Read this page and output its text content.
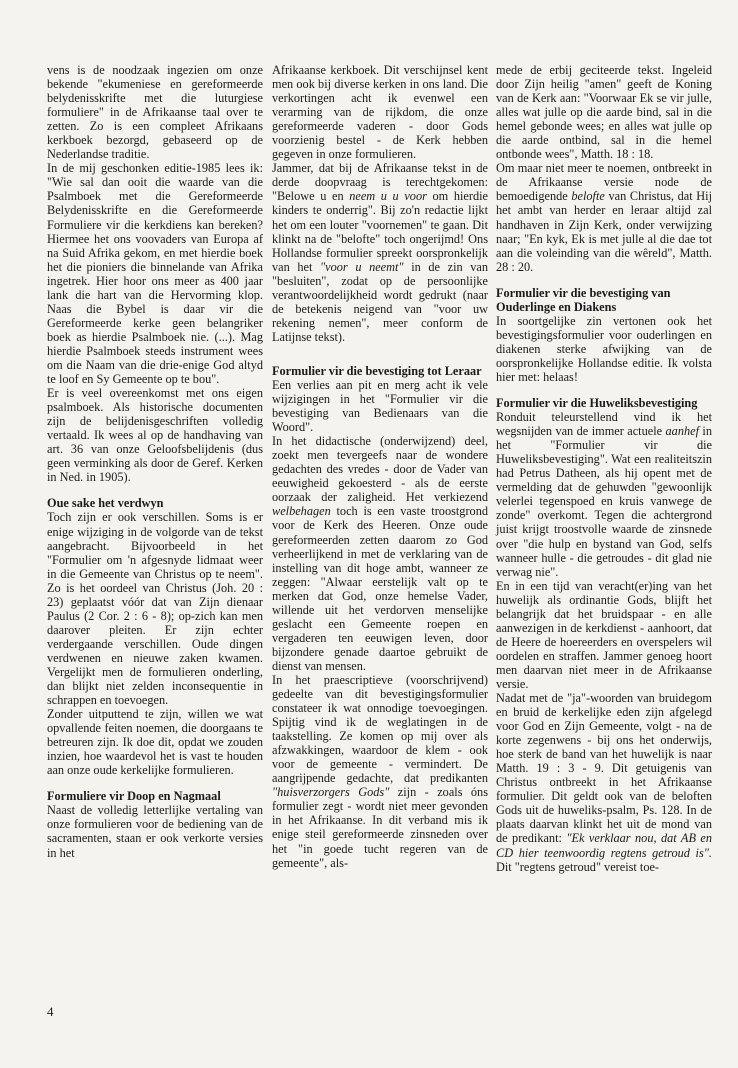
vens is de noodzaak ingezien om onze bekende "ekumeniese en gereformeerde belydenisskrifte met die luturgiese formuliere" in de Afrikaanse taal over te zetten. Zo is een compleet Afrikaans kerkboek bezorgd, gebaseerd op de Nederlandse traditie.

In de mij geschonken editie-1985 lees ik: "Wie sal dan ooit die waarde van die Psalmboek met die Gereformeerde Belydenisskrifte en die Gereformeerde Formuliere vir die kerkdiens kan bereken? Hiermee het ons voovaders van Europa af na Suid Afrika gekom, en met hierdie boek het die pioniers die binnelande van Afrika ingetrek. Hier hoor ons meer as 400 jaar lank die hart van die Hervorming klop. Naas die Bybel is daar vir die Gereformeerde kerke geen belangriker boek as hierdie Psalmboek nie. (...). Mag hierdie Psalmboek steeds instrument wees om die Naam van die drie-enige God altyd te loof en Sy Gemeente op te bou".

Er is veel overeenkomst met ons eigen psalmboek. Als historische documenten zijn de belijdenisgeschriften volledig vertaald. Ik wees al op de handhaving van art. 36 van onze Geloofsbelijdenis (dus geen verminking als door de Geref. Kerken in Ned. in 1905).

Oue sake het verdwyn

Toch zijn er ook verschillen. Soms is er enige wijziging in de volgorde van de tekst aangebracht. Bijvoorbeeld in het "Formulier om 'n afgesnyde lidmaat weer in die Gemeente van Christus op te neem". Zo is het oordeel van Christus (Joh. 20 : 23) geplaatst vóór dat van Zijn dienaar Paulus (2 Cor. 2 : 6 - 8); op-zich kan men daarover pleiten. Er zijn echter verdergaande verschillen. Oude dingen verdwenen en nieuwe zaken kwamen. Vergelijkt men de formulieren onderling, dan blijkt niet zelden inconsequentie in schrappen en toevoegen.

Zonder uitputtend te zijn, willen we wat opvallende feiten noemen, die doorgaans te betreuren zijn. Ik doe dit, opdat we zouden inzien, hoe waardevol het is vast te houden aan onze oude kerkelijke formulieren.

Formuliere vir Doop en Nagmaal

Naast de volledig letterlijke vertaling van onze formulieren voor de bediening van de sacramenten, staan er ook verkorte versies in het

Afrikaanse kerkboek. Dit verschijnsel kent men ook bij diverse kerken in ons land. Die verkortingen acht ik evenwel een verarming van de rijkdom, die onze gereformeerde vaderen - door Gods voorzienig bestel - de Kerk hebben gegeven in onze formulieren.

Jammer, dat bij de Afrikaanse tekst in de derde doopvraag is terechtgekomen: "Belowe u en neem u u voor om hierdie kinders te onderrig". Bij zo'n redactie lijkt het om een louter "voornemen" te gaan. Dit klinkt na de "belofte" toch ongerijmd! Ons Hollandse formulier spreekt oorspronkelijk van het "voor u neemt" in de zin van "besluiten", zodat op de persoonlijke verantwoordelijkheid wordt gedrukt (naar de betekenis neigend van "voor uw rekening nemen", meer conform de Latijnse tekst).

Formulier vir die bevestiging tot Leraar

Een verlies aan pit en merg acht ik vele wijzigingen in het "Formulier vir die bevestiging van Bedienaars van die Woord".

In het didactische (onderwijzend) deel, zoekt men tevergeefs naar de wondere gedachten des vredes - door de Vader van eeuwigheid gekoesterd - als de eerste oorzaak der zaligheid. Het verkiezend welbehagen toch is een vaste troostgrond voor de Kerk des Heeren. Onze oude gereformeerden zetten daarom zo God verheerlijkend in met de verklaring van de instelling van dit hoge ambt, wanneer ze zeggen: "Alwaar eerstelijk valt op te merken dat God, onze hemelse Vader, willende uit het verdorven menselijke geslacht een Gemeente roepen en vergaderen ten eeuwigen leven, door bijzondere genade daartoe gebruikt de dienst van mensen.

In het praescriptieve (voorschrijvend) gedeelte van dit bevestigingsformulier constateer ik wat onnodige toevoegingen. Spijtig vind ik de weglatingen in de taakstelling. Ze komen op mij over als afzwakkingen, waardoor de klem - ook voor de gemeente - vermindert. De aangrijpende gedachte, dat predikanten "huisverzorgers Gods" zijn - zoals óns formulier zegt - wordt niet meer gevonden in het Afrikaanse. In dit verband mis ik enige steil gereformeerde zinsneden over het "in goede tucht regeren van de gemeente", als-

mede de erbij geciteerde tekst. Ingeleid door Zijn heilig "amen" geeft de Koning van de Kerk aan: "Voorwaar Ek se vir julle, alles wat julle op die aarde bind, sal in die hemel gebonde wees; en alles wat julle op die aarde ontbind, sal in die hemel ontbonde wees", Matth. 18 : 18.

Om maar niet meer te noemen, ontbreekt in de Afrikaanse versie node de bemoedigende belofte van Christus, dat Hij het ambt van herder en leraar altijd zal handhaven in Zijn Kerk, onder verwijzing naar; "En kyk, Ek is met julle al die dae tot aan die voleinding van die wêreld", Matth. 28 : 20.

Formulier vir die bevestiging van Ouderlinge en Diakens

In soortgelijke zin vertonen ook het bevestigingsformulier voor ouderlingen en diakenen sterke afwijking van de oorspronkelijke Hollandse editie. Ik volsta hier met: helaas!

Formulier vir die Huweliksbevestiging

Ronduit teleurstellend vind ik het wegsnijden van de immer actuele aanhef in het "Formulier vir die Huweliksbevestiging". Wat een realiteitszin had Petrus Datheen, als hij opent met de vermelding dat de gehuwden "gewoonlijk velerlei tegenspoed en kruis vanwege de zonde" overkomt. Tegen die achtergrond juist krijgt troostvolle waarde de zinsnede over "die hulp en bystand van God, selfs wanneer hulle - die getroudes - dit glad nie verwag nie".

En in een tijd van veracht(er)ing van het huwelijk als ordinantie Gods, blijft het belangrijk dat het bruidspaar - en alle aanwezigen in de kerkdienst - aanhoort, dat de Heere de hoereerders en overspelers wil oordelen en straffen. Jammer genoeg hoort men daarvan niet meer in de Afrikaanse versie.

Nadat met de "ja"-woorden van bruidegom en bruid de kerkelijke eden zijn afgelegd voor God en Zijn Gemeente, volgt - na de korte zegenwens - bij ons het onderwijs, hoe sterk de band van het huwelijk is naar Matth. 19 : 3 - 9. Dit getuigenis van Christus ontbreekt in het Afrikaanse formulier. Dit geldt ook van de beloften Gods uit de huweliks-psalm, Ps. 128. In de plaats daarvan klinkt het uit de mond van de predikant: "Ek verklaar nou, dat AB en CD hier teenwoordig regtens getroud is". Dit "regtens getroud" vereist toe-

4
